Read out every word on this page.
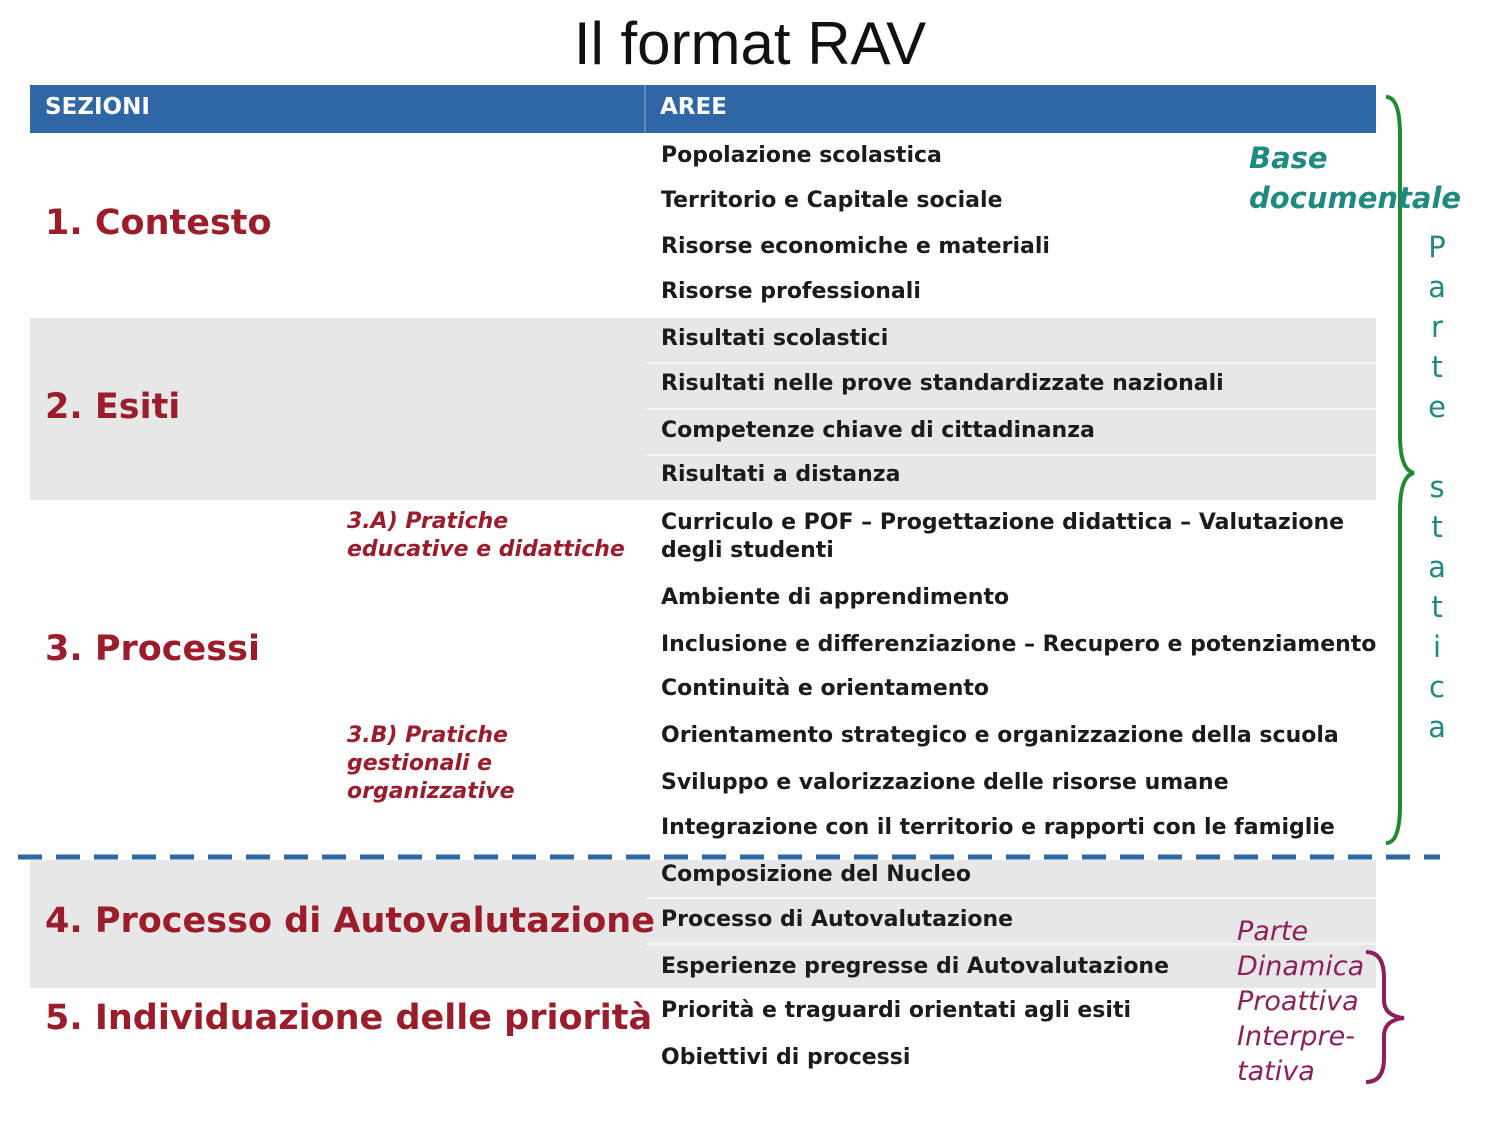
Il format RAV
SEZIONI	AREE
1. Contesto
2. Esiti
3. Processi
3.A) Pratiche educative e didattiche
3.B) Pratiche gestionali e organizzative
4. Processo di Autovalutazione
5. Individuazione delle priorità
Popolazione scolastica
Territorio e Capitale sociale
Risorse economiche e materiali
Risorse professionali
Risultati scolastici
Risultati nelle prove standardizzate nazionali
Competenze chiave di cittadinanza
Risultati a distanza
Curriculo e POF – Progettazione didattica – Valutazione degli studenti
Ambiente di apprendimento
Inclusione e differenziazione – Recupero e potenziamento
Continuità e orientamento
Orientamento strategico e organizzazione della scuola
Sviluppo e valorizzazione delle risorse umane
Integrazione con il territorio e rapporti con le famiglie
Composizione del Nucleo
Processo di Autovalutazione
Esperienze pregresse di Autovalutazione
Priorità e traguardi orientati agli esiti
Obiettivi di processi
Base documentale
P
a
r
t
e
s
t
a
t
i
c
a
Parte Dinamica Proattiva Interpre-tativa
